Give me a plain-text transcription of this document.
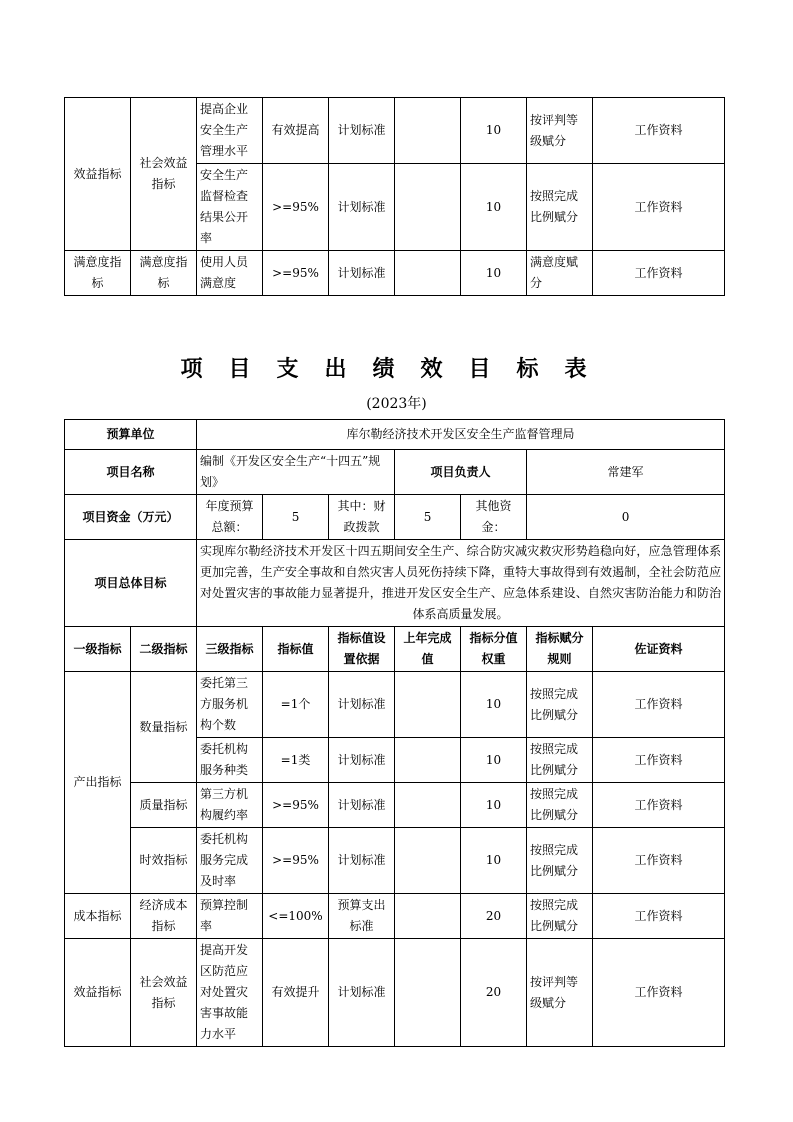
效益指标	社会效益指标	提高企业安全生产管理水平	有效提高	计划标准		10	按评判等级赋分	工作资料
		安全生产监督检查结果公开率	>=95%	计划标准		10	按照完成比例赋分	工作资料
满意度指标	满意度指标	使用人员满意度	>=95%	计划标准		10	满意度赋分	工作资料
项目支出绩效目标表
(2023年)
预算单位		库尔勒经济技术开发区安全生产监督管理局						
项目名称		编制《开发区安全生产“十四五”规划》			项目负责人		常建军	
项目资金（万元）		年度预算总额：	5	其中：财政拨款	5	其他资金：	0	
项目总体目标		实现库尔勒经济技术开发区十四五期间安全生产、综合防灾减灾救灾形势趋稳向好，应急管理体系更加完善，生产安全事故和自然灾害人员死伤持续下降，重特大事故得到有效遏制，全社会防范应对处置灾害的事故能力显著提升，推进开发区安全生产、应急体系建设、自然灾害防治能力和防治体系高质量发展。						
一级指标	二级指标	三级指标	指标值	指标值设置依据	上年完成值	指标分值权重	指标赋分规则	佐证资料
产出指标	数量指标	委托第三方服务机构个数	=1个	计划标准		10	按照完成比例赋分	工作资料
		委托机构服务种类	=1类	计划标准		10	按照完成比例赋分	工作资料
	质量指标	第三方机构履约率	>=95%	计划标准		10	按照完成比例赋分	工作资料
	时效指标	委托机构服务完成及时率	>=95%	计划标准		10	按照完成比例赋分	工作资料
成本指标	经济成本指标	预算控制率	<=100%	预算支出标准		20	按照完成比例赋分	工作资料
效益指标	社会效益指标	提高开发区防范应对处置灾害事故能力水平	有效提升	计划标准		20	按评判等级赋分	工作资料
